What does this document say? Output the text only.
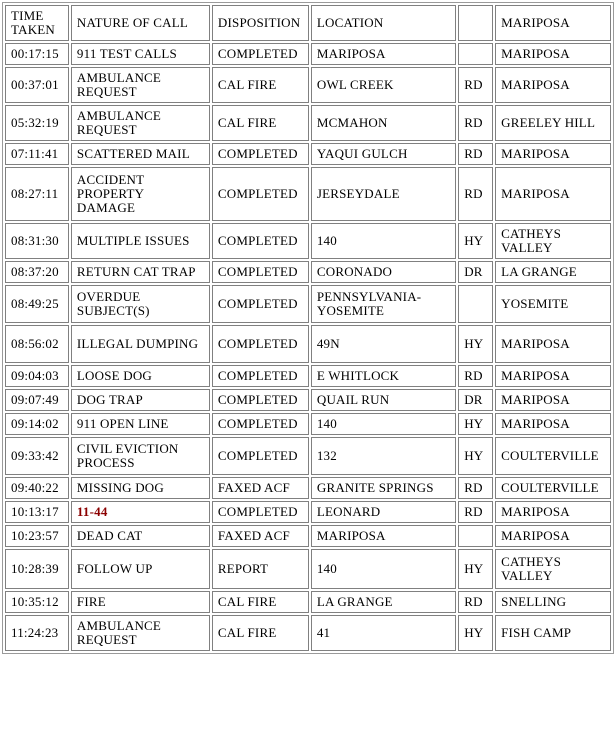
TIME TAKEN	NATURE OF CALL	DISPOSITION	LOCATION		MARIPOSA
00:17:15	911 TEST CALLS	COMPLETED	MARIPOSA		MARIPOSA
00:37:01	AMBULANCE REQUEST	CAL FIRE	OWL CREEK	RD	MARIPOSA
05:32:19	AMBULANCE REQUEST	CAL FIRE	MCMAHON	RD	GREELEY HILL
07:11:41	SCATTERED MAIL	COMPLETED	YAQUI GULCH	RD	MARIPOSA
08:27:11	ACCIDENT PROPERTY DAMAGE	COMPLETED	JERSEYDALE	RD	MARIPOSA
08:31:30	MULTIPLE ISSUES	COMPLETED	140	HY	CATHEYS VALLEY
08:37:20	RETURN CAT TRAP	COMPLETED	CORONADO	DR	LA GRANGE
08:49:25	OVERDUE SUBJECT(S)	COMPLETED	PENNSYLVANIA-YOSEMITE		YOSEMITE
08:56:02	ILLEGAL DUMPING	COMPLETED	49N	HY	MARIPOSA
09:04:03	LOOSE DOG	COMPLETED	E WHITLOCK	RD	MARIPOSA
09:07:49	DOG TRAP	COMPLETED	QUAIL RUN	DR	MARIPOSA
09:14:02	911 OPEN LINE	COMPLETED	140	HY	MARIPOSA
09:33:42	CIVIL EVICTION PROCESS	COMPLETED	132	HY	COULTERVILLE
09:40:22	MISSING DOG	FAXED ACF	GRANITE SPRINGS	RD	COULTERVILLE
10:13:17	11-44	COMPLETED	LEONARD	RD	MARIPOSA
10:23:57	DEAD CAT	FAXED ACF	MARIPOSA		MARIPOSA
10:28:39	FOLLOW UP	REPORT	140	HY	CATHEYS VALLEY
10:35:12	FIRE	CAL FIRE	LA GRANGE	RD	SNELLING
11:24:23	AMBULANCE REQUEST	CAL FIRE	41	HY	FISH CAMP
